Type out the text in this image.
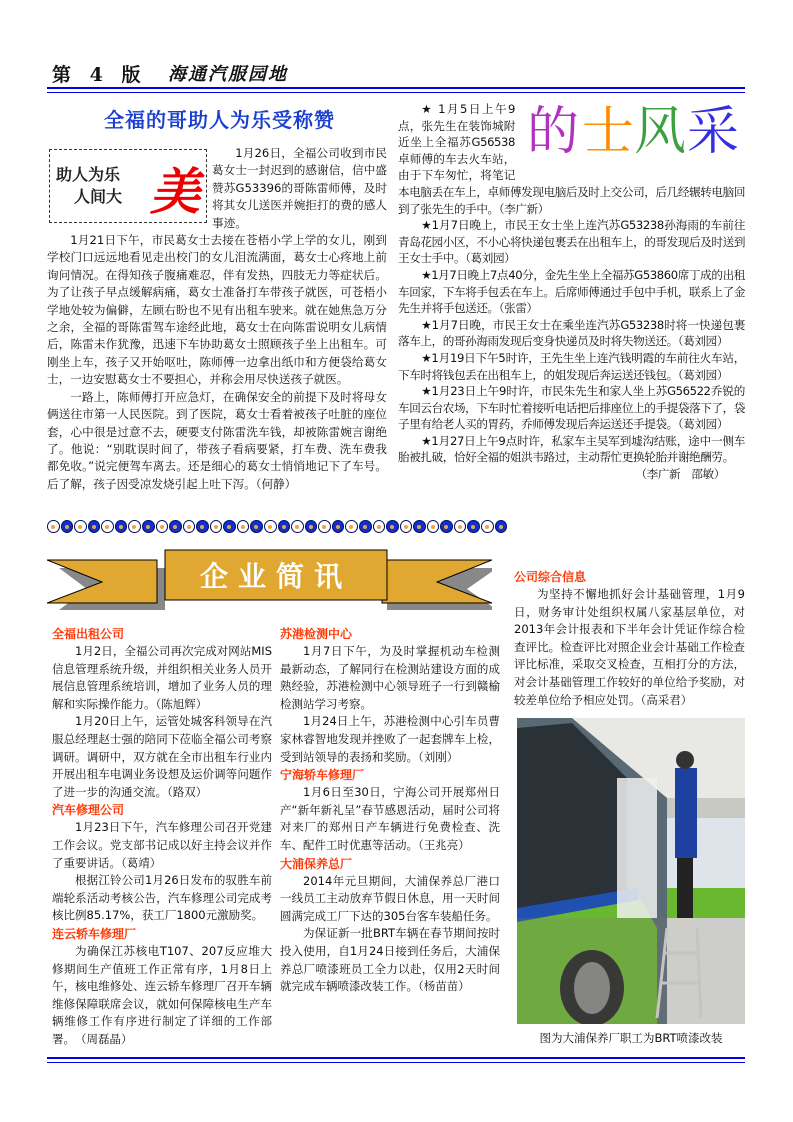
第 4 版 海通汽服园地
全福的哥助人为乐受称赞
助人为乐
人间大 美

1月26日，全福公司收到市民葛女士一封迟到的感谢信，信中盛赞苏G53396的哥陈雷师傅，及时将其女儿送医并婉拒打的费的感人事迹。

1月21日下午，市民葛女士去接在苍梧小学上学的女儿，刚到学校门口远远地看见走出校门的女儿泪流满面，葛女士心疼地上前询问情况。在得知孩子腹痛难忍，伴有发热，四肢无力等症状后。为了让孩子早点缓解病痛，葛女士准备打车带孩子就医，可苍梧小学地处较为偏僻，左顾右盼也不见有出租车驶来。就在她焦急万分之余，全福的哥陈雷驾车途经此地，葛女士在向陈雷说明女儿病情后，陈雷未作犹豫，迅速下车协助葛女士照顾孩子坐上出租车。可刚坐上车，孩子又开始呕吐，陈师傅一边拿出纸巾和方便袋给葛女士，一边安慰葛女士不要担心，并称会用尽快送孩子就医。

一路上，陈师傅打开应急灯，在确保安全的前提下及时将母女俩送往市第一人民医院。到了医院，葛女士看着被孩子吐脏的座位套，心中很是过意不去，硬要支付陈雷洗车钱，却被陈雷婉言谢绝了。他说：“别耽误时间了，带孩子看病要紧，打车费、洗车费我都免收。”说完便驾车离去。还是细心的葛女士悄悄地记下了车号。后了解，孩子因受凉发烧引起上吐下泻。（何静）

的 士 风 采

★ 1月5日上午9点，张先生在装饰城附近坐上全福苏G56538卓师傅的车去火车站，由于下车匆忙，将笔记本电脑丢在车上，卓师傅发现电脑后及时上交公司，后几经辗转电脑回到了张先生的手中。（李广新）

★1月7日晚上，市民王女士坐上连汽苏G53238孙海雨的车前往青岛花园小区，不小心将快递包裹丢在出租车上，的哥发现后及时送到王女士手中。（葛刘园）

★1月7日晚上7点40分，金先生坐上全福苏G53860席丁成的出租车回家，下车将手包丢在车上。后席师傅通过手包中手机，联系上了金先生并将手包送还。（张雷）

★1月7日晚，市民王女士在乘坐连汽苏G53238时将一快递包裹落车上，的哥孙海雨发现后变身快递员及时将失物送还。（葛刘园）

★1月19日下午5时许，王先生坐上连汽钱明霞的车前往火车站，下车时将钱包丢在出租车上，的姐发现后奔运送还钱包。（葛刘园）

★1月23日上午9时许，市民朱先生和家人坐上苏G56522乔锐的车回云台农场，下车时忙着接听电话把后排座位上的手提袋落下了，袋子里有给老人买的胃药，乔师傅发现后奔运送还手提袋。（葛刘园）

★1月27日上午9点时许，私家车主吴军到墟沟结账，途中一侧车胎被扎破，恰好全福的姐洪韦路过，主动帮忙更换轮胎并谢绝酬劳。

（李广新　邵敏）

企业简讯
全福出租公司

1月2日，全福公司再次完成对网站MIS信息管理系统升级，并组织相关业务人员开展信息管理系统培训，增加了业务人员的理解和实际操作能力。（陈旭辉）

1月20日上午，运管处城客科领导在汽服总经理赵士强的陪同下莅临全福公司考察调研。调研中，双方就在全市出租车行业内开展出租车电调业务设想及运价调等问题作了进一步的沟通交流。（路双）

汽车修理公司

1月23日下午，汽车修理公司召开党建工作会议。党支部书记成以好主持会议并作了重要讲话。（葛靖）

根据江铃公司1月26日发布的驭胜车前端轮系活动考核公告，汽车修理公司完成考核比例85.17%，获工厂1800元激励奖。

连云轿车修理厂

为确保江苏核电T107、207反应堆大修期间生产值班工作正常有序，1月8日上午，核电维修处、连云轿车修理厂召开车辆维修保障联席会议，就如何保障核电生产车辆维修工作有序进行制定了详细的工作部署。　（周磊晶）

苏港检测中心

1月7日下午，为及时掌握机动车检测最新动态，了解同行在检测站建设方面的成熟经验，苏港检测中心领导班子一行到赣榆检测站学习考察。

1月24日上午，苏港检测中心引车员曹家林睿智地发现并挫败了一起套牌车上检，受到站领导的表扬和奖励。（刘刚）

宁海轿车修理厂

1月6日至30日，宁海公司开展郑州日产“新年新礼呈”春节感恩活动，届时公司将对来厂的郑州日产车辆进行免费检查、洗车、配件工时优惠等活动。（王兆亮）

大浦保养总厂

2014年元旦期间，大浦保养总厂港口一线员工主动放弃节假日休息，用一天时间圆满完成工厂下达的305台客车装船任务。

为保证新一批BRT车辆在春节期间按时投入使用，自1月24日接到任务后，大浦保养总厂喷漆班员工全力以赴，仅用2天时间就完成车辆喷漆改装工作。（杨苗苗）

公司综合信息

为坚持不懈地抓好会计基础管理，1月9日，财务审计处组织权属八家基层单位，对2013年会计报表和下半年会计凭证作综合检查评比。检查评比对照企业会计基础工作检查评比标准，采取交叉检查，互相打分的方法，对会计基础管理工作较好的单位给予奖励，对较差单位给予相应处罚。（高采君）

图为大浦保养厂职工为BRT喷漆改装
